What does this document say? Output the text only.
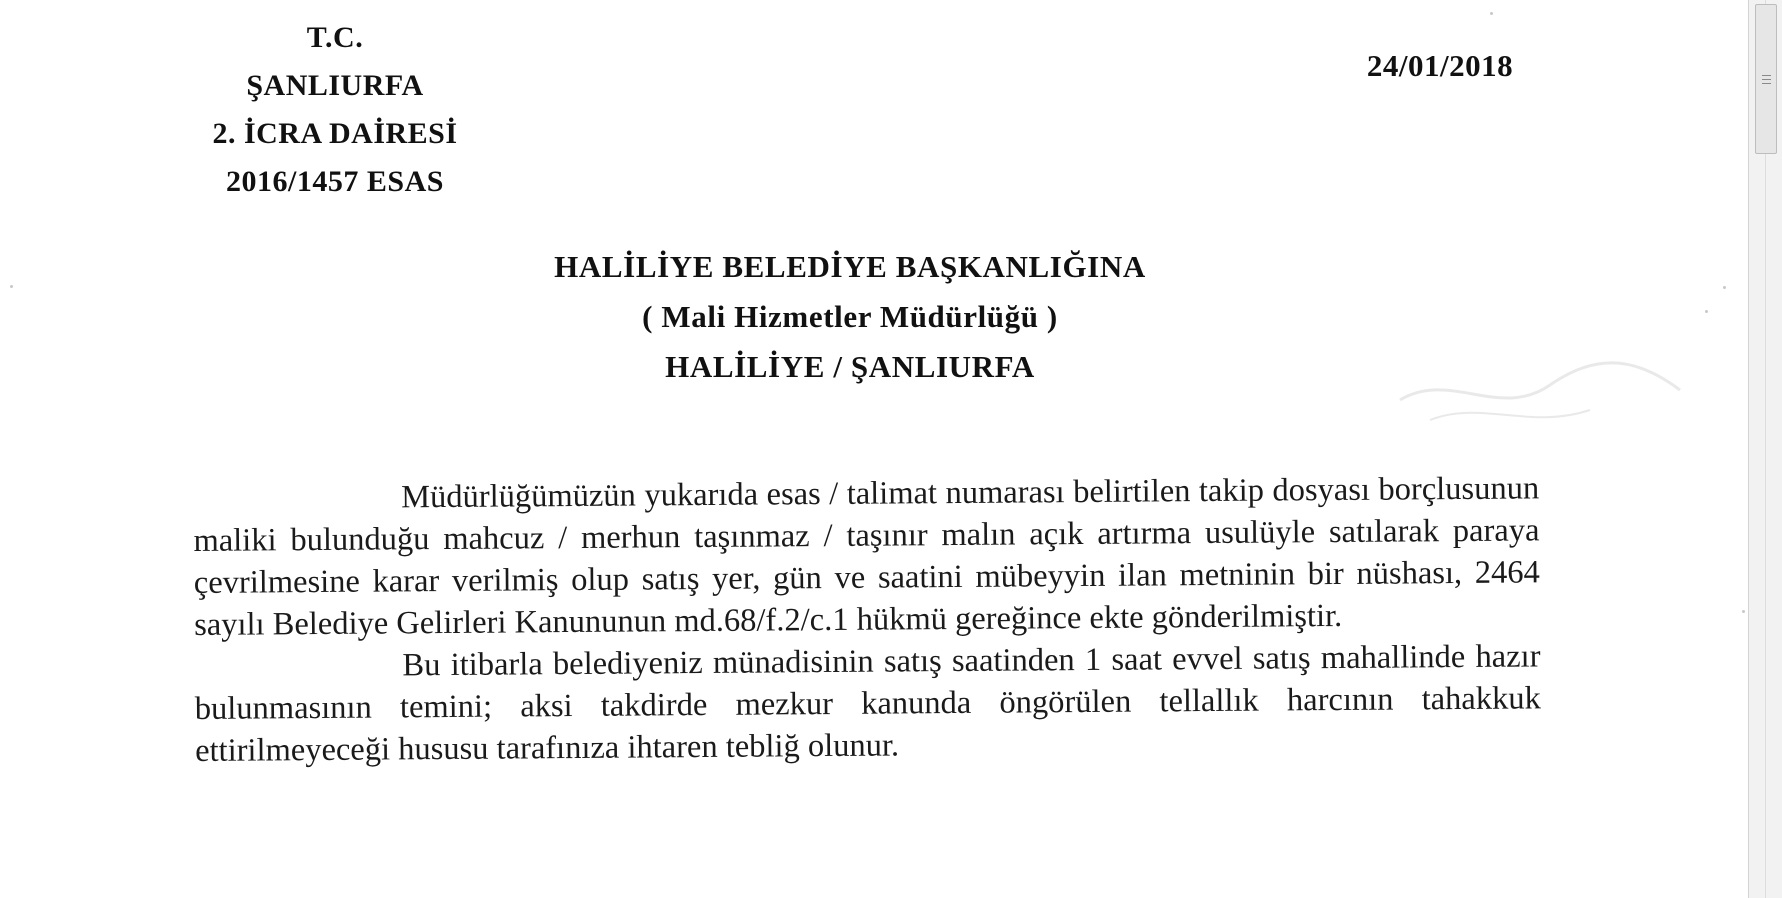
T.C.
ŞANLIURFA
2. İCRA DAİRESİ
2016/1457 ESAS
24/01/2018
HALİLİYE BELEDİYE BAŞKANLIĞINA
( Mali Hizmetler Müdürlüğü )
HALİLİYE / ŞANLIURFA

Müdürlüğümüzün yukarıda esas / talimat numarası belirtilen takip dosyası borçlusunun maliki bulunduğu mahcuz / merhun taşınmaz / taşınır malın açık artırma usulüyle satılarak paraya çevrilmesine karar verilmiş olup satış yer, gün ve saatini mübeyyin ilan metninin bir nüshası, 2464 sayılı Belediye Gelirleri Kanununun md.68/f.2/c.1 hükmü gereğince ekte gönderilmiştir.

Bu itibarla belediyeniz münadisinin satış saatinden 1 saat evvel satış mahallinde hazır bulunmasının temini; aksi takdirde mezkur kanunda öngörülen tellallık harcının tahakkuk ettirilmeyeceği hususu tarafınıza ihtaren tebliğ olunur.
